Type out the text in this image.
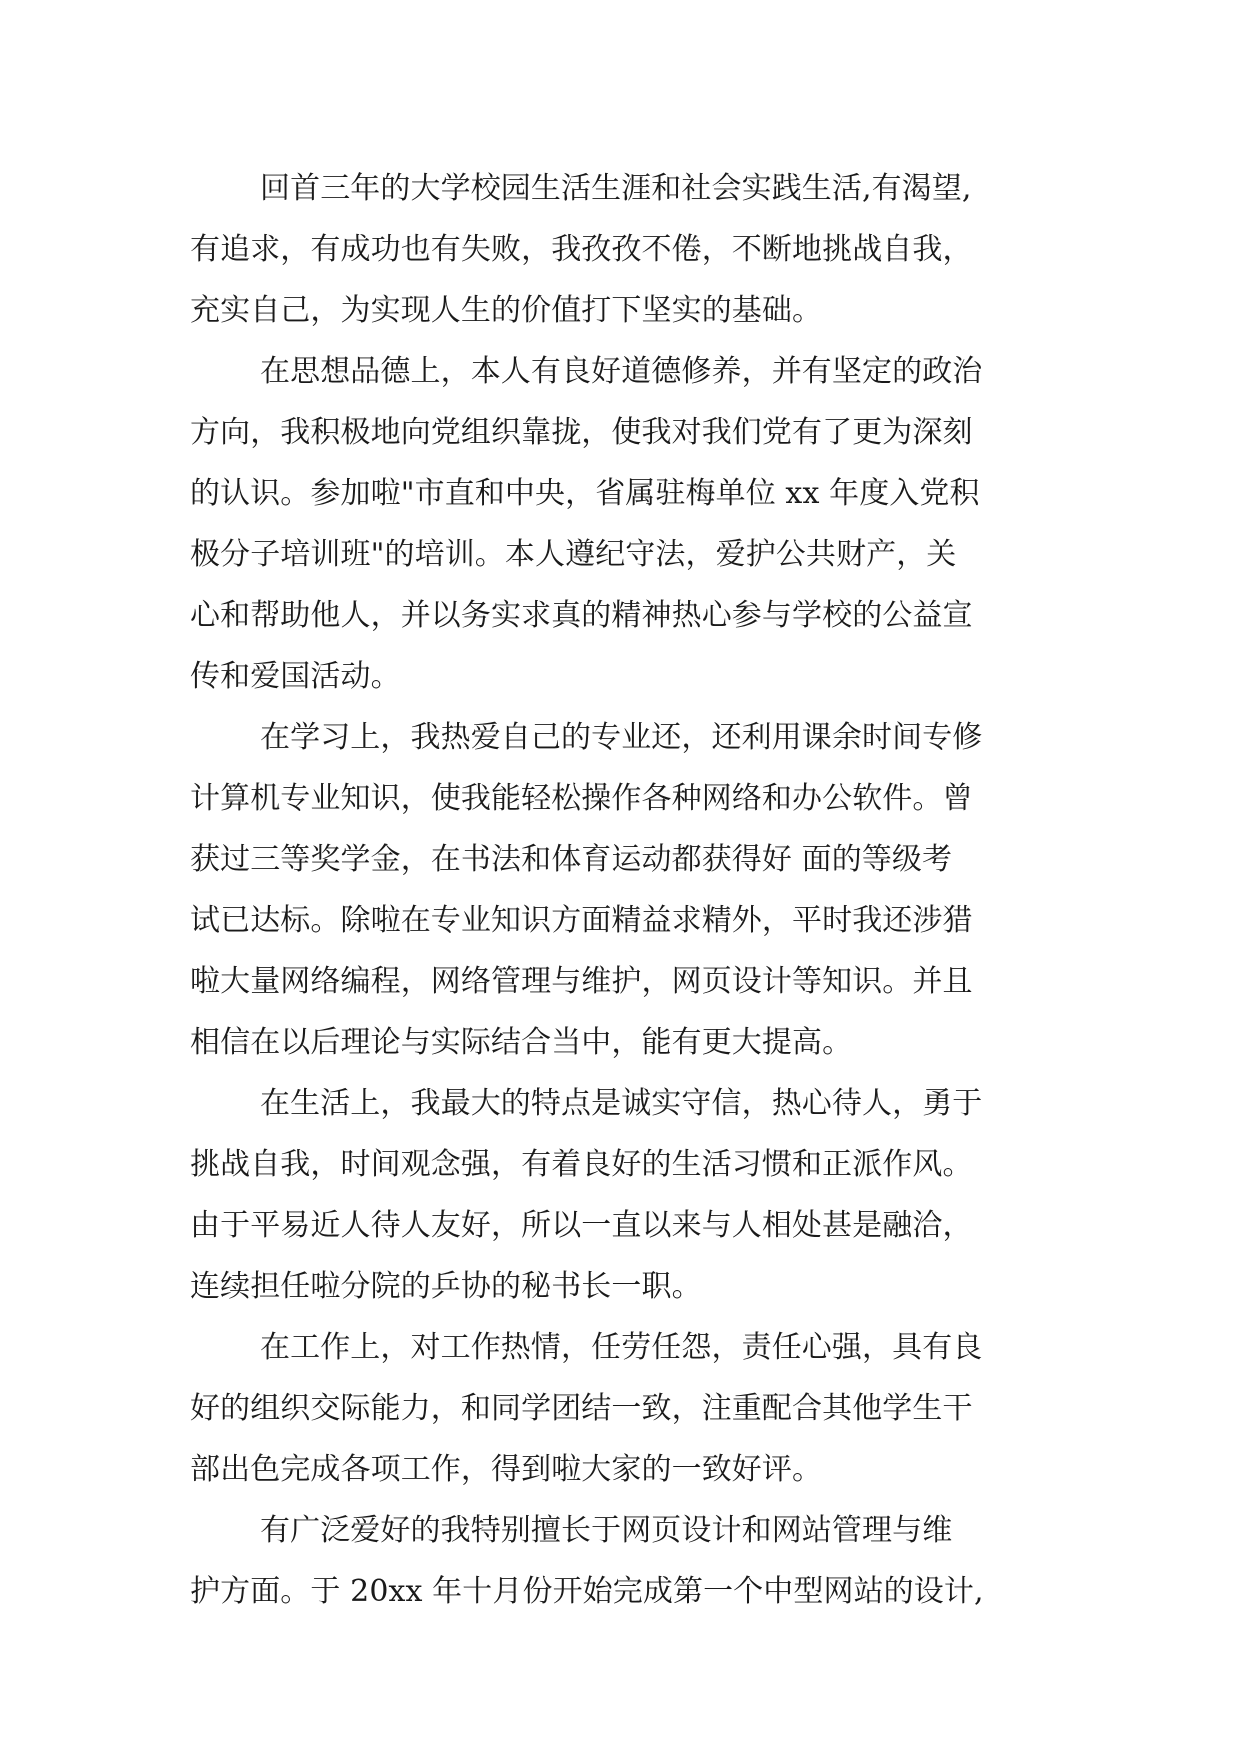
回首三年的大学校园生活生涯和社会实践生活,有渴望,
有追求，有成功也有失败，我孜孜不倦，不断地挑战自我，
充实自己，为实现人生的价值打下坚实的基础。
在思想品德上，本人有良好道德修养，并有坚定的政治
方向，我积极地向党组织靠拢，使我对我们党有了更为深刻
的认识。参加啦"市直和中央，省属驻梅单位 xx 年度入党积
极分子培训班"的培训。本人遵纪守法，爱护公共财产，关
心和帮助他人，并以务实求真的精神热心参与学校的公益宣
传和爱国活动。
在学习上，我热爱自己的专业还，还利用课余时间专修
计算机专业知识，使我能轻松操作各种网络和办公软件。曾
获过三等奖学金，在书法和体育运动都获得好 面的等级考
试已达标。除啦在专业知识方面精益求精外，平时我还涉猎
啦大量网络编程，网络管理与维护，网页设计等知识。并且
相信在以后理论与实际结合当中，能有更大提高。
在生活上，我最大的特点是诚实守信，热心待人，勇于
挑战自我，时间观念强，有着良好的生活习惯和正派作风。
由于平易近人待人友好，所以一直以来与人相处甚是融洽，
连续担任啦分院的乒协的秘书长一职。
在工作上，对工作热情，任劳任怨，责任心强，具有良
好的组织交际能力，和同学团结一致，注重配合其他学生干
部出色完成各项工作，得到啦大家的一致好评。
有广泛爱好的我特别擅长于网页设计和网站管理与维
护方面。于 20xx 年十月份开始完成第一个中型网站的设计,
